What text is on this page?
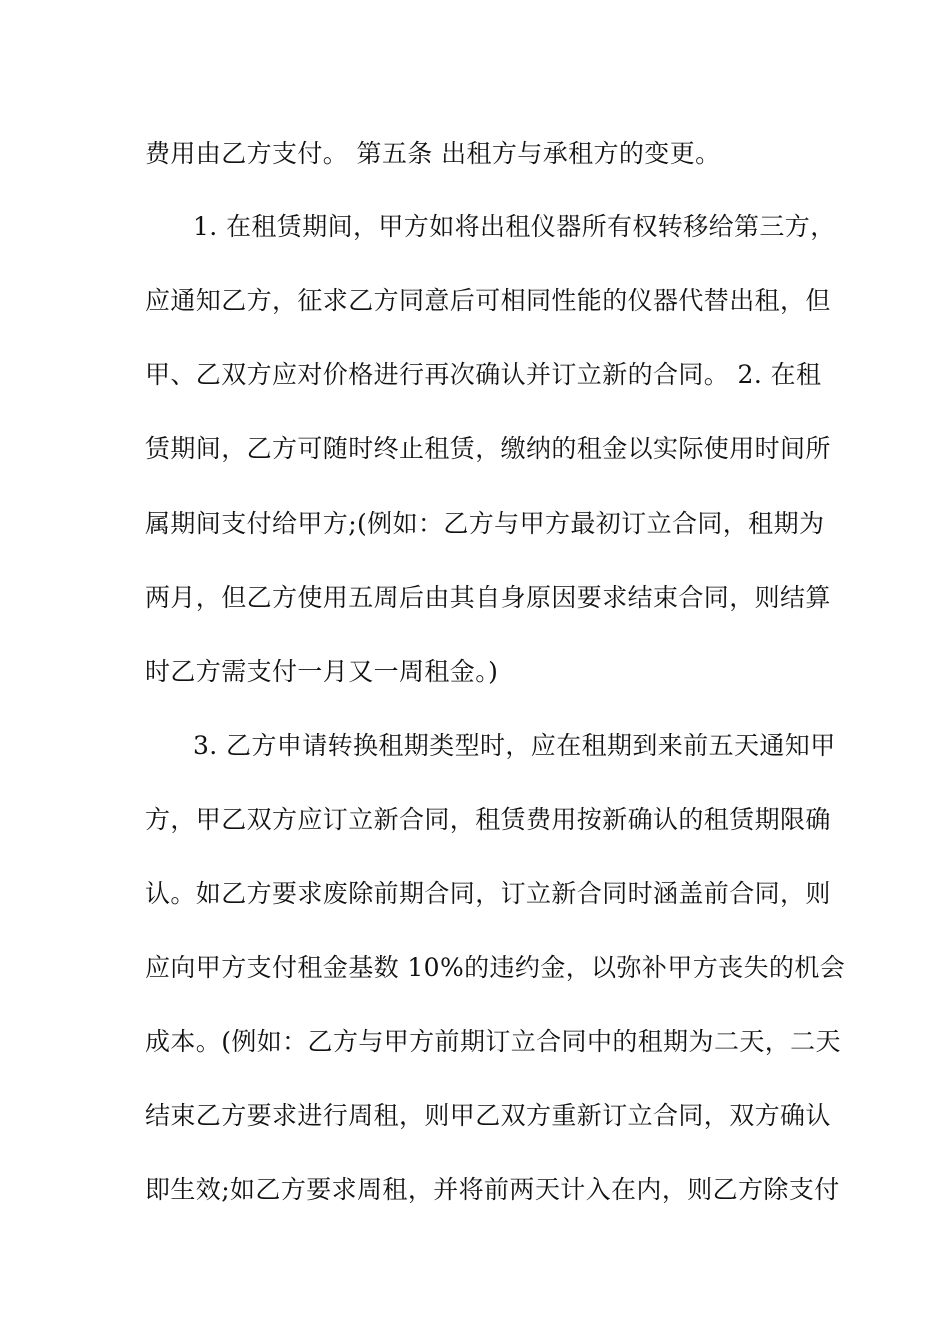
费用由乙方支付。 第五条 出租方与承租方的变更。
1. 在租赁期间，甲方如将出租仪器所有权转移给第三方，
应通知乙方，征求乙方同意后可相同性能的仪器代替出租，但
甲、乙双方应对价格进行再次确认并订立新的合同。 2. 在租
赁期间，乙方可随时终止租赁，缴纳的租金以实际使用时间所
属期间支付给甲方;(例如：乙方与甲方最初订立合同，租期为
两月，但乙方使用五周后由其自身原因要求结束合同，则结算
时乙方需支付一月又一周租金。)
3. 乙方申请转换租期类型时，应在租期到来前五天通知甲
方，甲乙双方应订立新合同，租赁费用按新确认的租赁期限确
认。如乙方要求废除前期合同，订立新合同时涵盖前合同，则
应向甲方支付租金基数 10%的违约金，以弥补甲方丧失的机会
成本。(例如：乙方与甲方前期订立合同中的租期为二天，二天
结束乙方要求进行周租，则甲乙双方重新订立合同，双方确认
即生效;如乙方要求周租，并将前两天计入在内，则乙方除支付
